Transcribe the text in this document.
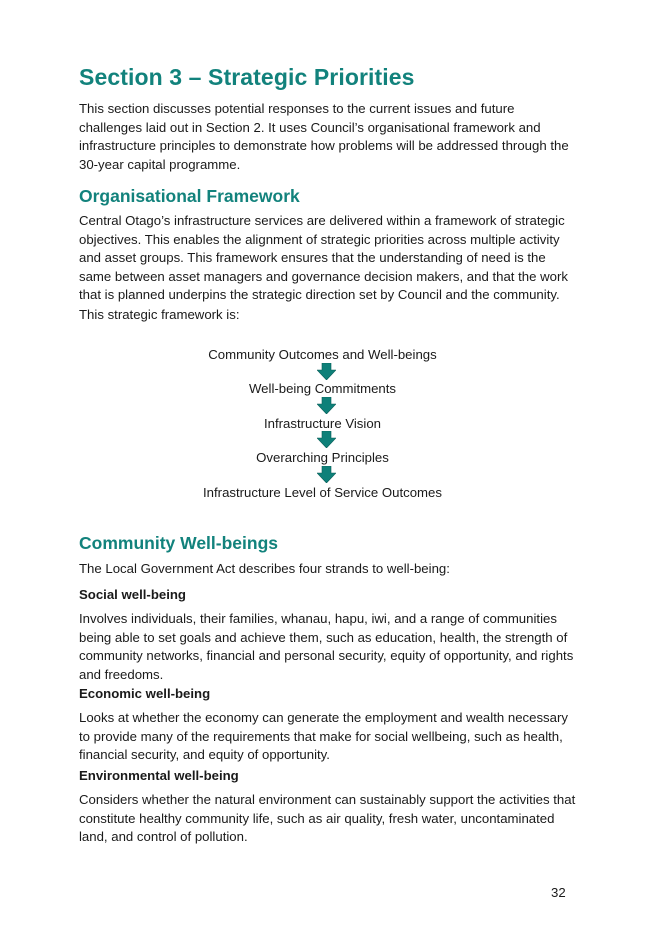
Section 3 – Strategic Priorities

This section discusses potential responses to the current issues and future challenges laid out in Section 2. It uses Council’s organisational framework and infrastructure principles to demonstrate how problems will be addressed through the 30-year capital programme.

Organisational Framework

Central Otago’s infrastructure services are delivered within a framework of strategic objectives. This enables the alignment of strategic priorities across multiple activity and asset groups. This framework ensures that the understanding of need is the same between asset managers and governance decision makers, and that the work that is planned underpins the strategic direction set by Council and the community.

This strategic framework is:

Community Outcomes and Well-beings

Well-being Commitments

Infrastructure Vision

Overarching Principles

Infrastructure Level of Service Outcomes

Community Well-beings

The Local Government Act describes four strands to well-being:

Social well-being

Involves individuals, their families, whanau, hapu, iwi, and a range of communities being able to set goals and achieve them, such as education, health, the strength of community networks, financial and personal security, equity of opportunity, and rights and freedoms.

Economic well-being

Looks at whether the economy can generate the employment and wealth necessary to provide many of the requirements that make for social wellbeing, such as health, financial security, and equity of opportunity.

Environmental well-being

Considers whether the natural environment can sustainably support the activities that constitute healthy community life, such as air quality, fresh water, uncontaminated land, and control of pollution.

32
